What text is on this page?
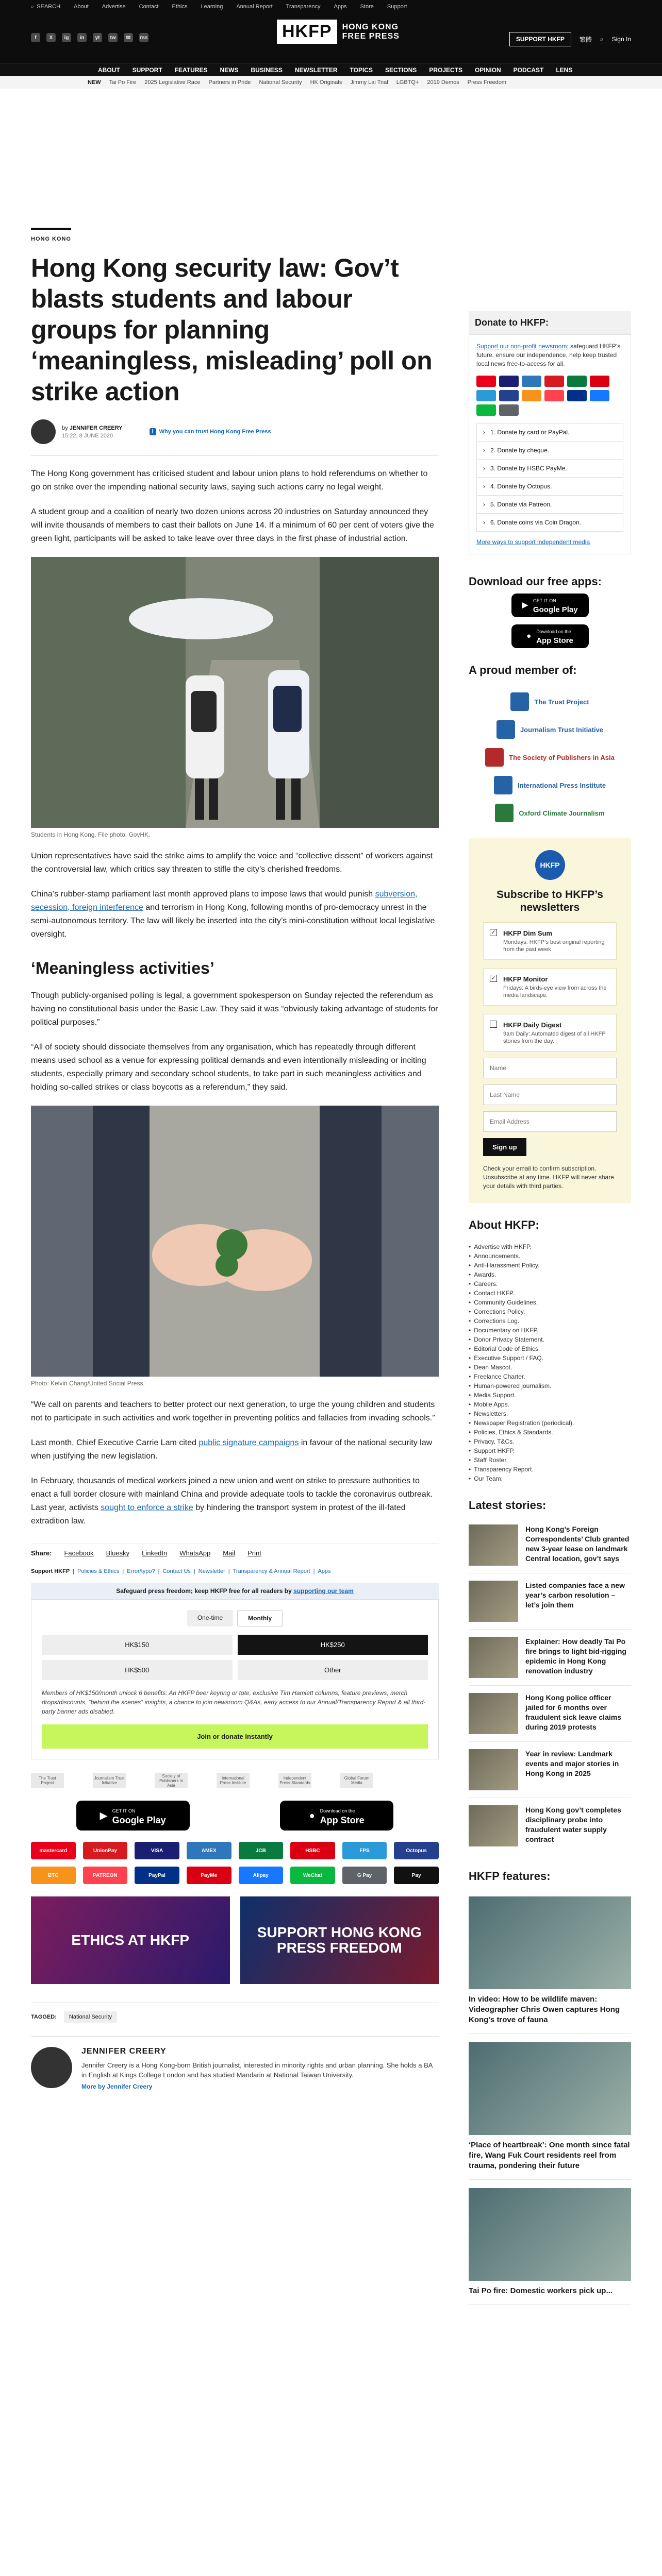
⌕ SEARCH About Advertise Contact Ethics Learning Annual Report Transparency Apps Store Support
f	X	ig	in	yt	tw	✉	rss	HKFP	HONG KONG
FREE PRESS	SUPPORT HKFP	繁體 ⌕ Sign In
ABOUT SUPPORT FEATURES NEWS BUSINESS NEWSLETTER TOPICS SECTIONS PROJECTS OPINION PODCAST LENS
NEW Tai Po Fire 2025 Legislative Race Partners in Pride National Security HK Originals Jimmy Lai Trial LGBTQ+ 2019 Demos Press Freedom
HONG KONG
Hong Kong security law: Gov’t blasts students and labour groups for planning ‘meaningless, misleading’ poll on strike action
by JENNIFER CREERY
15:22, 8 JUNE 2020
i	Why you can trust Hong Kong Free Press

The Hong Kong government has criticised student and labour union plans to hold referendums on whether to go on strike over the impending national security laws, saying such actions carry no legal weight.

A student group and a coalition of nearly two dozen unions across 20 industries on Saturday announced they will invite thousands of members to cast their ballots on June 14. If a minimum of 60 per cent of voters give the green light, participants will be asked to take leave over three days in the first phase of industrial action.

Students in Hong Kong. File photo: GovHK.

Union representatives have said the strike aims to amplify the voice and “collective dissent” of workers against the controversial law, which critics say threaten to stifle the city’s cherished freedoms.

China’s rubber-stamp parliament last month approved plans to impose laws that would punish subversion, secession, foreign interference and terrorism in Hong Kong, following months of pro-democracy unrest in the semi-autonomous territory. The law will likely be inserted into the city’s mini-constitution without local legislative oversight.

‘Meaningless activities’

Though publicly-organised polling is legal, a government spokesperson on Sunday rejected the referendum as having no constitutional basis under the Basic Law. They said it was “obviously taking advantage of students for political purposes.”

“All of society should dissociate themselves from any organisation, which has repeatedly through different means used school as a venue for expressing political demands and even intentionally misleading or inciting students, especially primary and secondary school students, to take part in such meaningless activities and holding so-called strikes or class boycotts as a referendum,” they said.

Photo: Kelvin Chang/United Social Press.

“We call on parents and teachers to better protect our next generation, to urge the young children and students not to participate in such activities and work together in preventing politics and fallacies from invading schools.”

Last month, Chief Executive Carrie Lam cited public signature campaigns in favour of the national security law when justifying the new legislation.

In February, thousands of medical workers joined a new union and went on strike to pressure authorities to enact a full border closure with mainland China and provide adequate tools to tackle the coronavirus outbreak. Last year, activists sought to enforce a strike by hindering the transport system in protest of the ill-fated extradition law.

Share: Facebook Bluesky LinkedIn WhatsApp Mail Print
Support HKFP | Policies & Ethics | Error/typo? | Contact Us | Newsletter | Transparency & Annual Report | Apps
Safeguard press freedom; keep HKFP free for all readers by supporting our team
One-time	Monthly
HK$150	HK$250
HK$500	Other
Members of HK$150/month unlock 6 benefits: An HKFP beer keyring or tote, exclusive Tim Hamlett columns, feature previews, merch drops/discounts, “behind the scenes” insights, a chance to join newsroom Q&As, early access to our Annual/Transparency Report & all third-party banner ads disabled.
Join or donate instantly
The Trust Project
Journalism Trust Initiative
Society of Publishers in Asia
International Press Institute
Independent Press Standards
Global Forum Media
▶ GET IT ON
Google Play	● Download on the
App Store
mastercard	UnionPay	VISA	AMEX	JCB	HSBC	FPS	Octopus
BTC	PATREON	PayPal	PayMe	Alipay	WeChat	G Pay	Pay
ETHICS AT HKFP	SUPPORT HONG KONG PRESS FREEDOM
TAGGED:	National Security
JENNIFER CREERY

Jennifer Creery is a Hong Kong-born British journalist, interested in minority rights and urban planning. She holds a BA in English at Kings College London and has studied Mandarin at National Taiwan University.

More by Jennifer Creery
Donate to HKFP:
Support our non-profit newsroom; safeguard HKFP’s future, ensure our independence, help keep trusted local news free-to-access for all.
› 1. Donate by card or PayPal.
› 2. Donate by cheque.
› 3. Donate by HSBC PayMe.
› 4. Donate by Octopus.
› 5. Donate via Patreon.
› 6. Donate coins via Coin Dragon.
More ways to support independent media
Download our free apps:
▶ GET IT ON
Google Play
● Download on the
App Store
A proud member of:
The Trust Project
Journalism Trust Initiative
The Society of Publishers in Asia
International Press Institute
Oxford Climate Journalism
HKFP
Subscribe to HKFP’s newsletters
✓ HKFP Dim Sum

Mondays: HKFP’s best original reporting from the past week.

✓ HKFP Monitor

Fridays: A birds-eye view from across the media landscape.

HKFP Daily Digest

9am Daily: Automated digest of all HKFP stories from the day.

Name Last Name Email Address Sign up
Check your email to confirm subscription. Unsubscribe at any time. HKFP will never share your details with third parties.
About HKFP:
• Advertise with HKFP.
• Announcements.
• Anti-Harassment Policy.
• Awards.
• Careers.
• Contact HKFP.
• Community Guidelines.
• Corrections Policy.
• Corrections Log.
• Documentary on HKFP.
• Donor Privacy Statement.
• Editorial Code of Ethics.
• Executive Support / FAQ.
• Dean Mascot.
• Freelance Charter.
• Human-powered journalism.
• Media Support.
• Mobile Apps.
• Newsletters.
• Newspaper Registration (periodical).
• Policies, Ethics & Standards.
• Privacy, T&Cs.
• Support HKFP.
• Staff Roster.
• Transparency Report.
• Our Team.
Latest stories:

Hong Kong’s Foreign Correspondents’ Club granted new 3-year lease on landmark Central location, gov’t says

Listed companies face a new year’s carbon resolution – let’s join them

Explainer: How deadly Tai Po fire brings to light bid-rigging epidemic in Hong Kong renovation industry

Hong Kong police officer jailed for 6 months over fraudulent sick leave claims during 2019 protests

Year in review: Landmark events and major stories in Hong Kong in 2025

Hong Kong gov’t completes disciplinary probe into fraudulent water supply contract

HKFP features:

In video: How to be wildlife maven: Videographer Chris Owen captures Hong Kong’s trove of fauna

‘Place of heartbreak’: One month since fatal fire, Wang Fuk Court residents reel from trauma, pondering their future

Tai Po fire: Domestic workers pick up...
